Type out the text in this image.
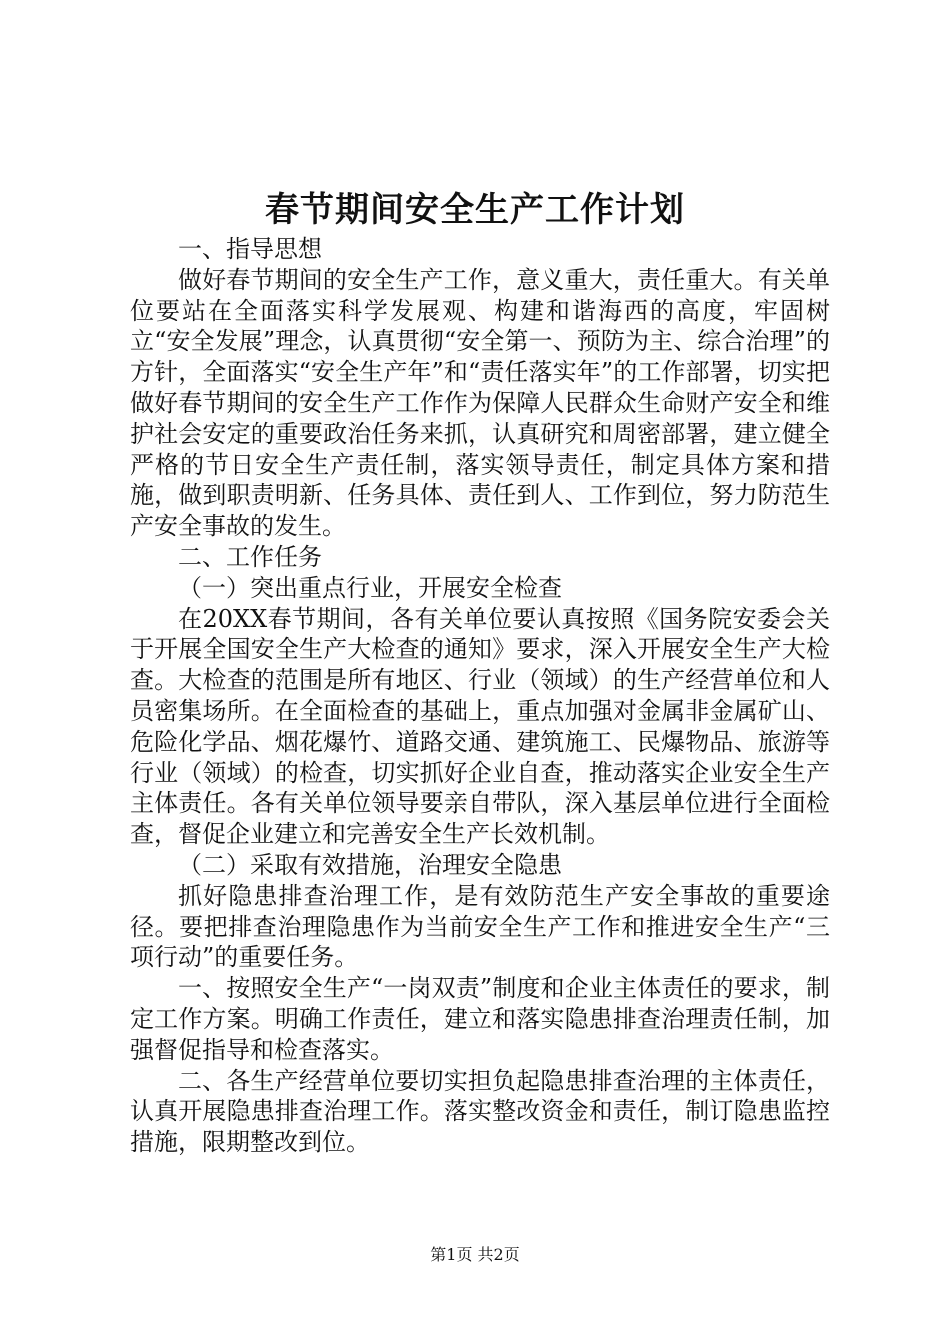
春节期间安全生产工作计划

一、指导思想

做好春节期间的安全生产工作，意义重大，责任重大。有关单位要站在全面落实科学发展观、构建和谐海西的高度，牢固树立“安全发展”理念，认真贯彻“安全第一、预防为主、综合治理”的方针，全面落实“安全生产年”和“责任落实年”的工作部署，切实把做好春节期间的安全生产工作作为保障人民群众生命财产安全和维护社会安定的重要政治任务来抓，认真研究和周密部署，建立健全严格的节日安全生产责任制，落实领导责任，制定具体方案和措施，做到职责明新、任务具体、责任到人、工作到位，努力防范生产安全事故的发生。

二、工作任务

（一）突出重点行业，开展安全检查

在20XX春节期间，各有关单位要认真按照《国务院安委会关于开展全国安全生产大检查的通知》要求，深入开展安全生产大检查。大检查的范围是所有地区、行业（领域）的生产经营单位和人员密集场所。在全面检查的基础上，重点加强对金属非金属矿山、危险化学品、烟花爆竹、道路交通、建筑施工、民爆物品、旅游等行业（领域）的检查，切实抓好企业自查，推动落实企业安全生产主体责任。各有关单位领导要亲自带队，深入基层单位进行全面检查，督促企业建立和完善安全生产长效机制。

（二）采取有效措施，治理安全隐患

抓好隐患排查治理工作，是有效防范生产安全事故的重要途径。要把排查治理隐患作为当前安全生产工作和推进安全生产“三项行动”的重要任务。

一、按照安全生产“一岗双责”制度和企业主体责任的要求，制定工作方案。明确工作责任，建立和落实隐患排查治理责任制，加强督促指导和检查落实。

二、各生产经营单位要切实担负起隐患排查治理的主体责任，认真开展隐患排查治理工作。落实整改资金和责任，制订隐患监控措施，限期整改到位。

第1页 共2页
